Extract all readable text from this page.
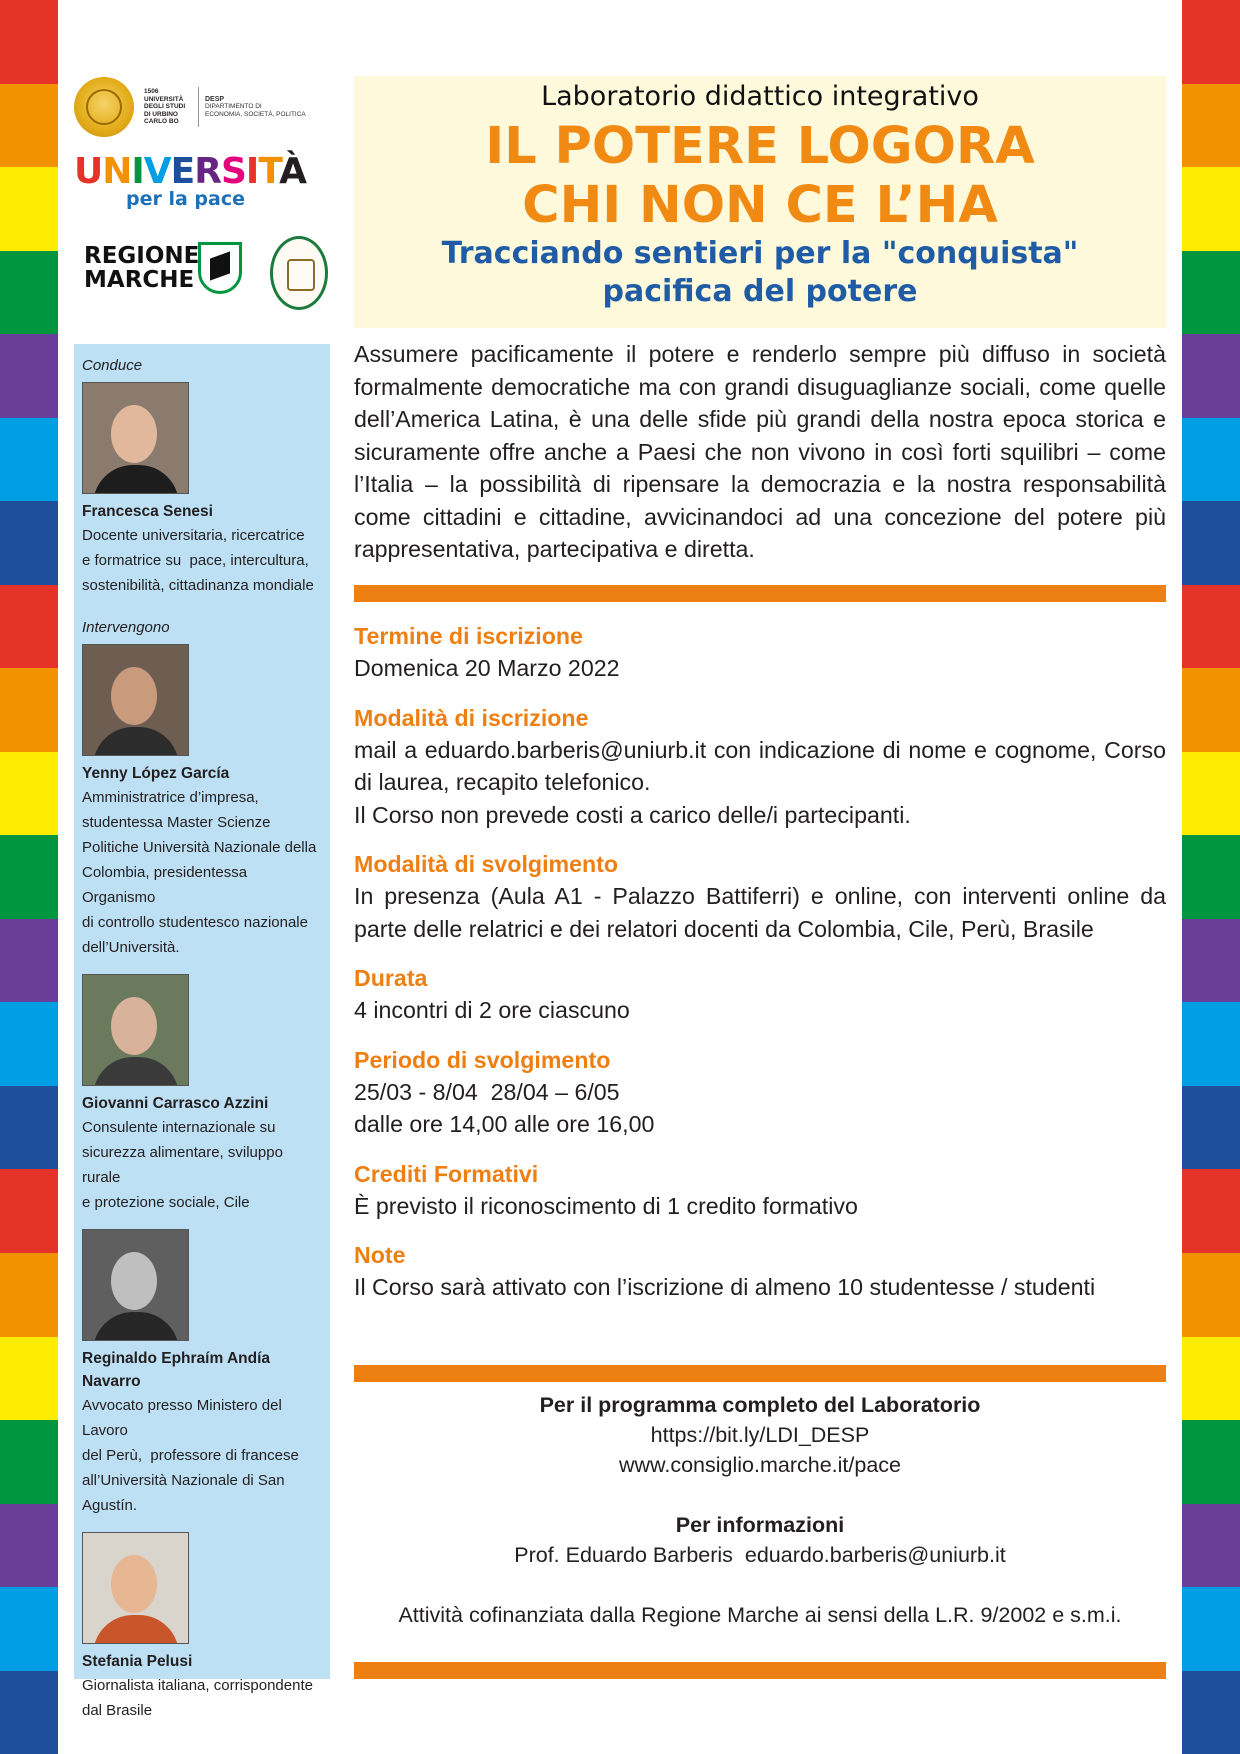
1506
UNIVERSITÀ
DEGLI STUDI
DI URBINO
CARLO BO
DESP
DIPARTIMENTO DI
ECONOMIA, SOCIETÀ, POLITICA
UNIVERSITÀ
per la pace
REGIONE
MARCHE
Laboratorio didattico integrativo
IL POTERE LOGORA
CHI NON CE L’HA
Tracciando sentieri per la "conquista"
pacifica del potere

Assumere pacificamente il potere e renderlo sempre più diffuso in società formalmente democratiche ma con grandi disuguaglianze sociali, come quelle dell’America Latina, è una delle sfide più grandi della nostra epoca storica e sicuramente offre anche a Paesi che non vivono in così forti squilibri – come l’Italia – la possibilità di ripensare la democrazia e la nostra responsabilità come cittadini e cittadine, avvicinandoci ad una concezione del potere più rappresentativa, partecipativa e diretta.

Termine di iscrizione

Domenica 20 Marzo 2022

Modalità di iscrizione

mail a eduardo.barberis@uniurb.it con indicazione di nome e cognome, Corso di laurea, recapito telefonico.

Il Corso non prevede costi a carico delle/i partecipanti.

Modalità di svolgimento

In presenza (Aula A1 - Palazzo Battiferri) e online, con interventi online da parte delle relatrici e dei relatori docenti da Colombia, Cile, Perù, Brasile

Durata

4 incontri di 2 ore ciascuno

Periodo di svolgimento

25/03 - 8/04  28/04 – 6/05

dalle ore 14,00 alle ore 16,00

Crediti Formativi

È previsto il riconoscimento di 1 credito formativo

Note

Il Corso sarà attivato con l’iscrizione di almeno 10 studentesse / studenti

Per il programma completo del Laboratorio
https://bit.ly/LDI_DESP
www.consiglio.marche.it/pace
Per informazioni
Prof. Eduardo Barberis  eduardo.barberis@uniurb.it
Attività cofinanziata dalla Regione Marche ai sensi della L.R. 9/2002 e s.m.i.
Conduce
Francesca Senesi
Docente universitaria, ricercatrice
e formatrice su  pace, intercultura,
sostenibilità, cittadinanza mondiale
Intervengono
Yenny López García
Amministratrice d’impresa,
studentessa Master Scienze
Politiche Università Nazionale della
Colombia, presidentessa Organismo
di controllo studentesco nazionale
dell’Università.
Giovanni Carrasco Azzini
Consulente internazionale su
sicurezza alimentare, sviluppo rurale
e protezione sociale, Cile
Reginaldo Ephraím Andía
Navarro
Avvocato presso Ministero del Lavoro
del Perù,  professore di francese
all’Università Nazionale di San
Agustín.
Stefania Pelusi
Giornalista italiana, corrispondente
dal Brasile
